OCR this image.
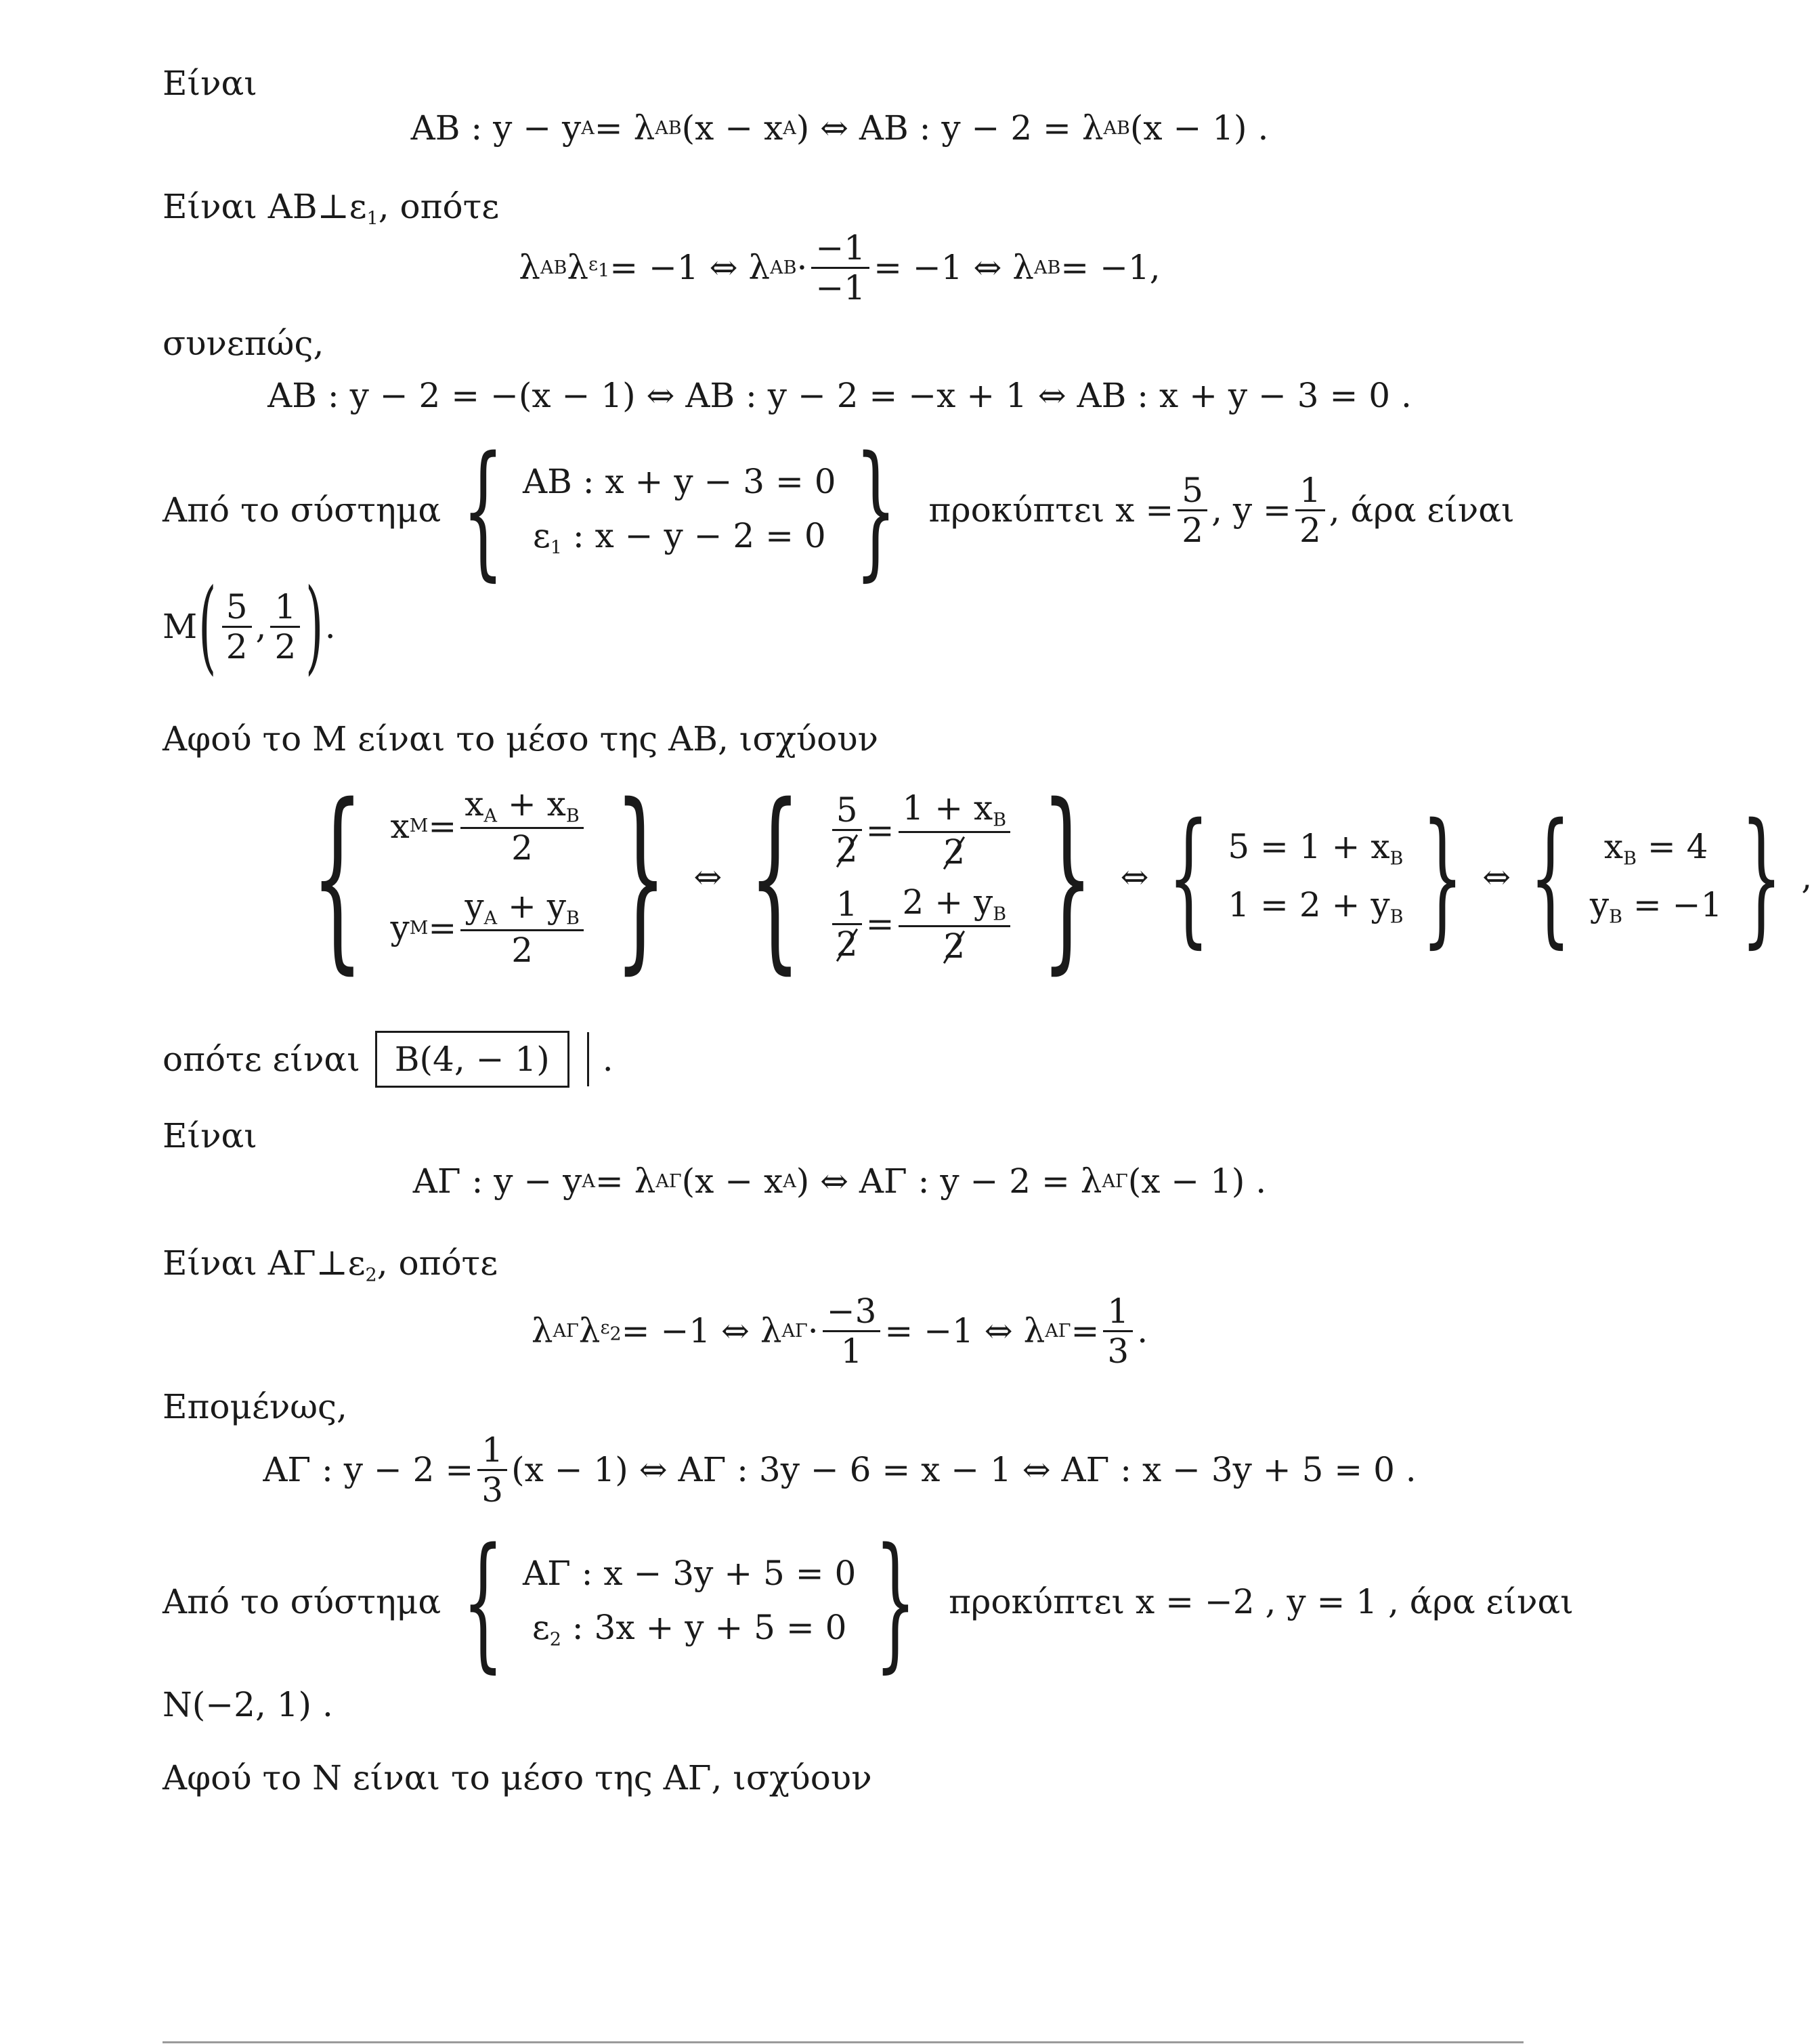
Είναι
AB : y − y A = λ AB (x − x A ) ⇔ AB : y − 2 = λ AB (x − 1) .
Είναι $AB\perp\varepsilon_1$, οπότε
λ AB λ $\varepsilon_1 = -1$ ⇔ λ AB · $\frac{-1}{-1} = -1$ ⇔ λ AB = −1,
συνεπώς,
AB : y − 2 = −(x − 1) ⇔ AB : y − 2 = −x + 1 ⇔ AB : x + y − 3 = 0 .
Από το σύστημα { AB : x + y − 3 = 0
$\varepsilon_1$ : x − y − 2 = 0 } προκύπτει $x = \frac{5}{2}$ , $y = \frac{1}{2}$ , άρα είναι
M ( $\frac{5}{2}$ , $\frac{1}{2}$ ) .
Αφού το M είναι το μέσο της AB, ισχύουν
{ x $M = \frac{x_A + x_B}{2}$
y $M = \frac{y_A + y_B}{2}$ } ⇔ { $\frac{5}{2} = \frac{1 + x_B}{2}$
$\frac{1}{2} = \frac{2 + y_B}{2}$ } ⇔ { $5 = 1 + x_B$
$1 = 2 + y_B$ } ⇔ { $x_B = 4$
$y_B = -1$ } ,
οπότε είναι	B(4, − 1)	.
Είναι
AΓ : y − y A = λ AΓ (x − x A ) ⇔ AΓ : y − 2 = λ AΓ (x − 1) .
Είναι $A\Gamma\perp\varepsilon_2$, οπότε
λ AΓ λ $\varepsilon_2 = -1$ ⇔ λ $A\Gamma \cdot \frac{-3}{1} = -1$ ⇔ λ $A\Gamma = \frac{1}{3}$ .
Επομένως,
AΓ : $y - 2 = \frac{1}{3} (x - 1)$ ⇔ AΓ : 3y − 6 = x − 1 ⇔ AΓ : x − 3y + 5 = 0 .
Από το σύστημα { AΓ : x − 3y + 5 = 0
$\varepsilon_2$ : 3x + y + 5 = 0 } προκύπτει x = −2 , y = 1 , άρα είναι
N(−2, 1) .
Αφού το N είναι το μέσο της AΓ, ισχύουν
